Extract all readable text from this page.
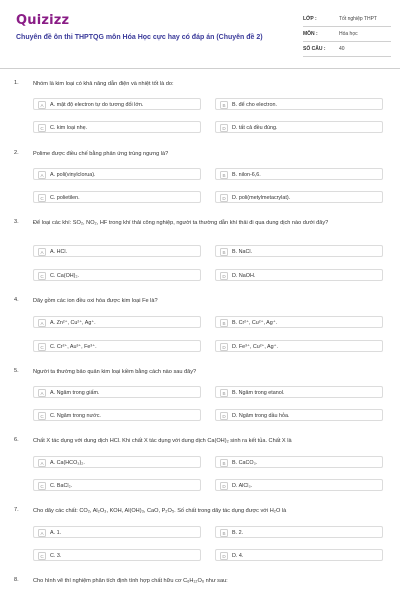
Quizizz
Chuyên đề ôn thi THPTQG môn Hóa Học cực hay có đáp án (Chuyên đề 2)
LỚP :	Tốt nghiệp THPT
MÔN :	Hóa học
SỐ CÂU :	40
1.	Nhóm là kim loại có khả năng dẫn điện và nhiệt tốt là do:
A	A. mật độ electron tự do tương đối lớn.	B	B. để cho electron.
C	C. kim loại nhẹ.	D	D. tất cả đều đúng.
2.	Polime được điều chế bằng phản ứng trùng ngưng là?
A	A. poli(vinylclorua).	B	B. nilon-6,6.
C	C. polietilen.	D	D. poli(metylmetacrylat).
3.	Để loại các khí: SO₂, NO₂, HF trong khí thải công nghiệp, người ta thường dẫn khí thải đi qua dung dịch nào dưới đây?
A	A. HCl.	B	B. NaCl.
C	C. Ca(OH)₂.	D	D. NaOH.
4.	Dãy gồm các ion đều oxi hóa được kim loại Fe là?
A	A. Zn²⁺, Cu²⁺, Ag⁺.	B	B. Cr²⁺, Cu²⁺, Ag⁺.
C	C. Cr²⁺, Au³⁺, Fe³⁺.	D	D. Fe³⁺, Cu²⁺, Ag⁺.
5.	Người ta thường bảo quản kim loại kiềm bằng cách nào sau đây?
A	A. Ngâm trong giấm.	B	B. Ngâm trong etanol.
C	C. Ngâm trong nước.	D	D. Ngâm trong dầu hỏa.
6.	Chất X tác dụng với dung dịch HCl. Khi chất X tác dụng với dung dịch Ca(OH)₂ sinh ra kết tủa. Chất X là
A	A. Ca(HCO₃)₂.	B	B. CaCO₃.
C	C. BaCl₂.	D	D. AlCl₃.
7.	Cho dãy các chất: CO₂, Al₂O₃, KOH, Al(OH)₃, CaO, P₂O₅. Số chất trong dãy tác dụng được với H₂O là
A	A. 1.	B	B. 2.
C	C. 3.	D	D. 4.
8.	Cho hình vẽ thí nghiệm phân tích định tính hợp chất hữu cơ C₆H₁₂O₆ như sau:
